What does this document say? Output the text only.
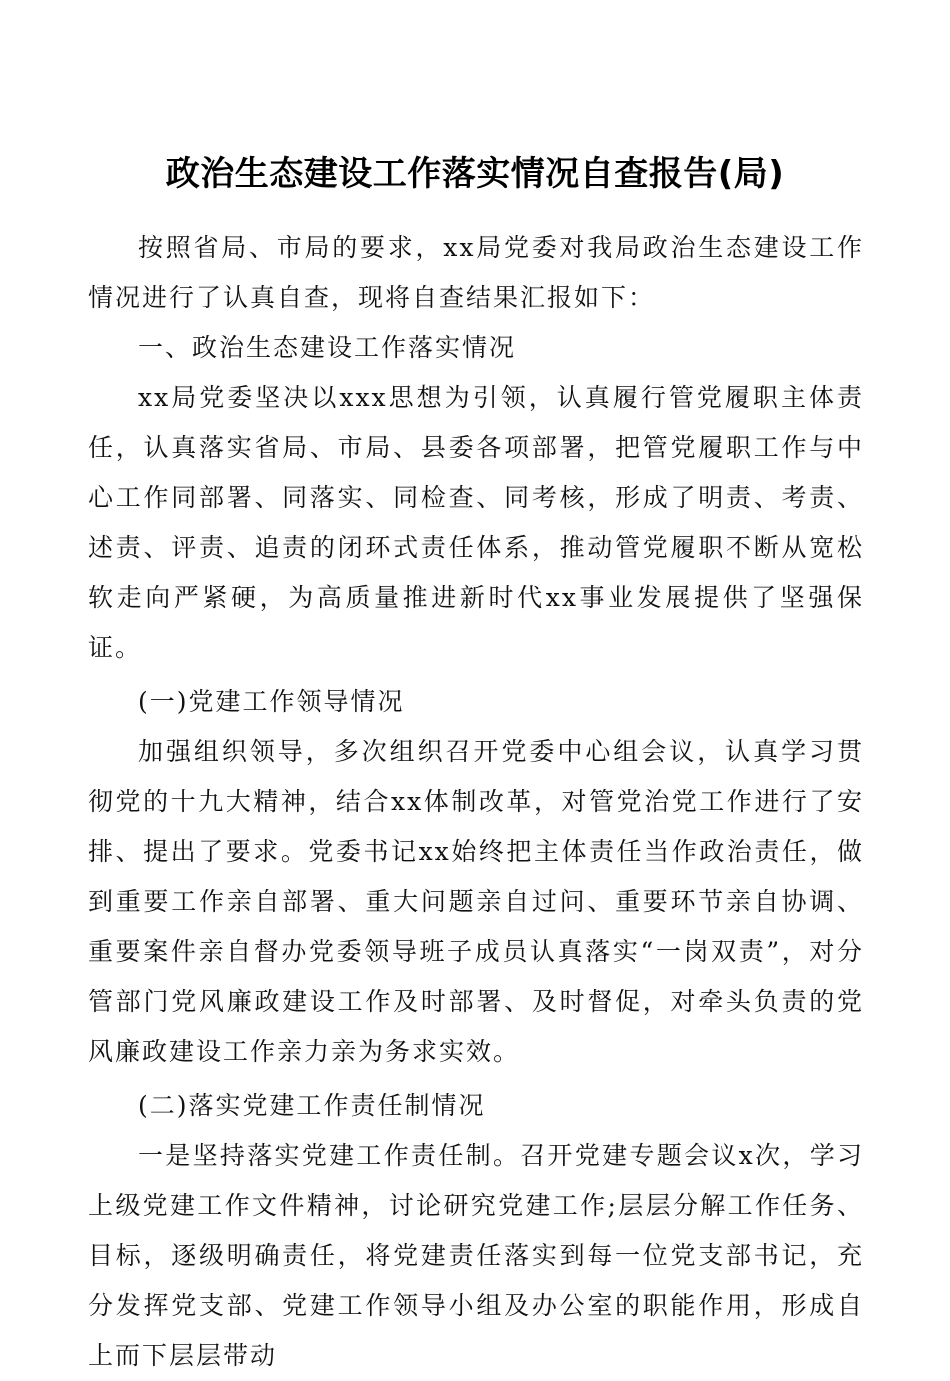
政治生态建设工作落实情况自查报告(局)

按照省局、市局的要求，xx局党委对我局政治生态建设工作情况进行了认真自查，现将自查结果汇报如下：

一、政治生态建设工作落实情况

xx局党委坚决以xxx思想为引领，认真履行管党履职主体责任，认真落实省局、市局、县委各项部署，把管党履职工作与中心工作同部署、同落实、同检查、同考核，形成了明责、考责、述责、评责、追责的闭环式责任体系，推动管党履职不断从宽松软走向严紧硬，为高质量推进新时代xx事业发展提供了坚强保证。

(一)党建工作领导情况

加强组织领导，多次组织召开党委中心组会议，认真学习贯彻党的十九大精神，结合xx体制改革，对管党治党工作进行了安排、提出了要求。党委书记xx始终把主体责任当作政治责任，做到重要工作亲自部署、重大问题亲自过问、重要环节亲自协调、重要案件亲自督办党委领导班子成员认真落实“一岗双责”，对分管部门党风廉政建设工作及时部署、及时督促，对牵头负责的党风廉政建设工作亲力亲为务求实效。

(二)落实党建工作责任制情况

一是坚持落实党建工作责任制。召开党建专题会议x次，学习上级党建工作文件精神，讨论研究党建工作;层层分解工作任务、目标，逐级明确责任，将党建责任落实到每一位党支部书记，充分发挥党支部、党建工作领导小组及办公室的职能作用，形成自上而下层层带动
